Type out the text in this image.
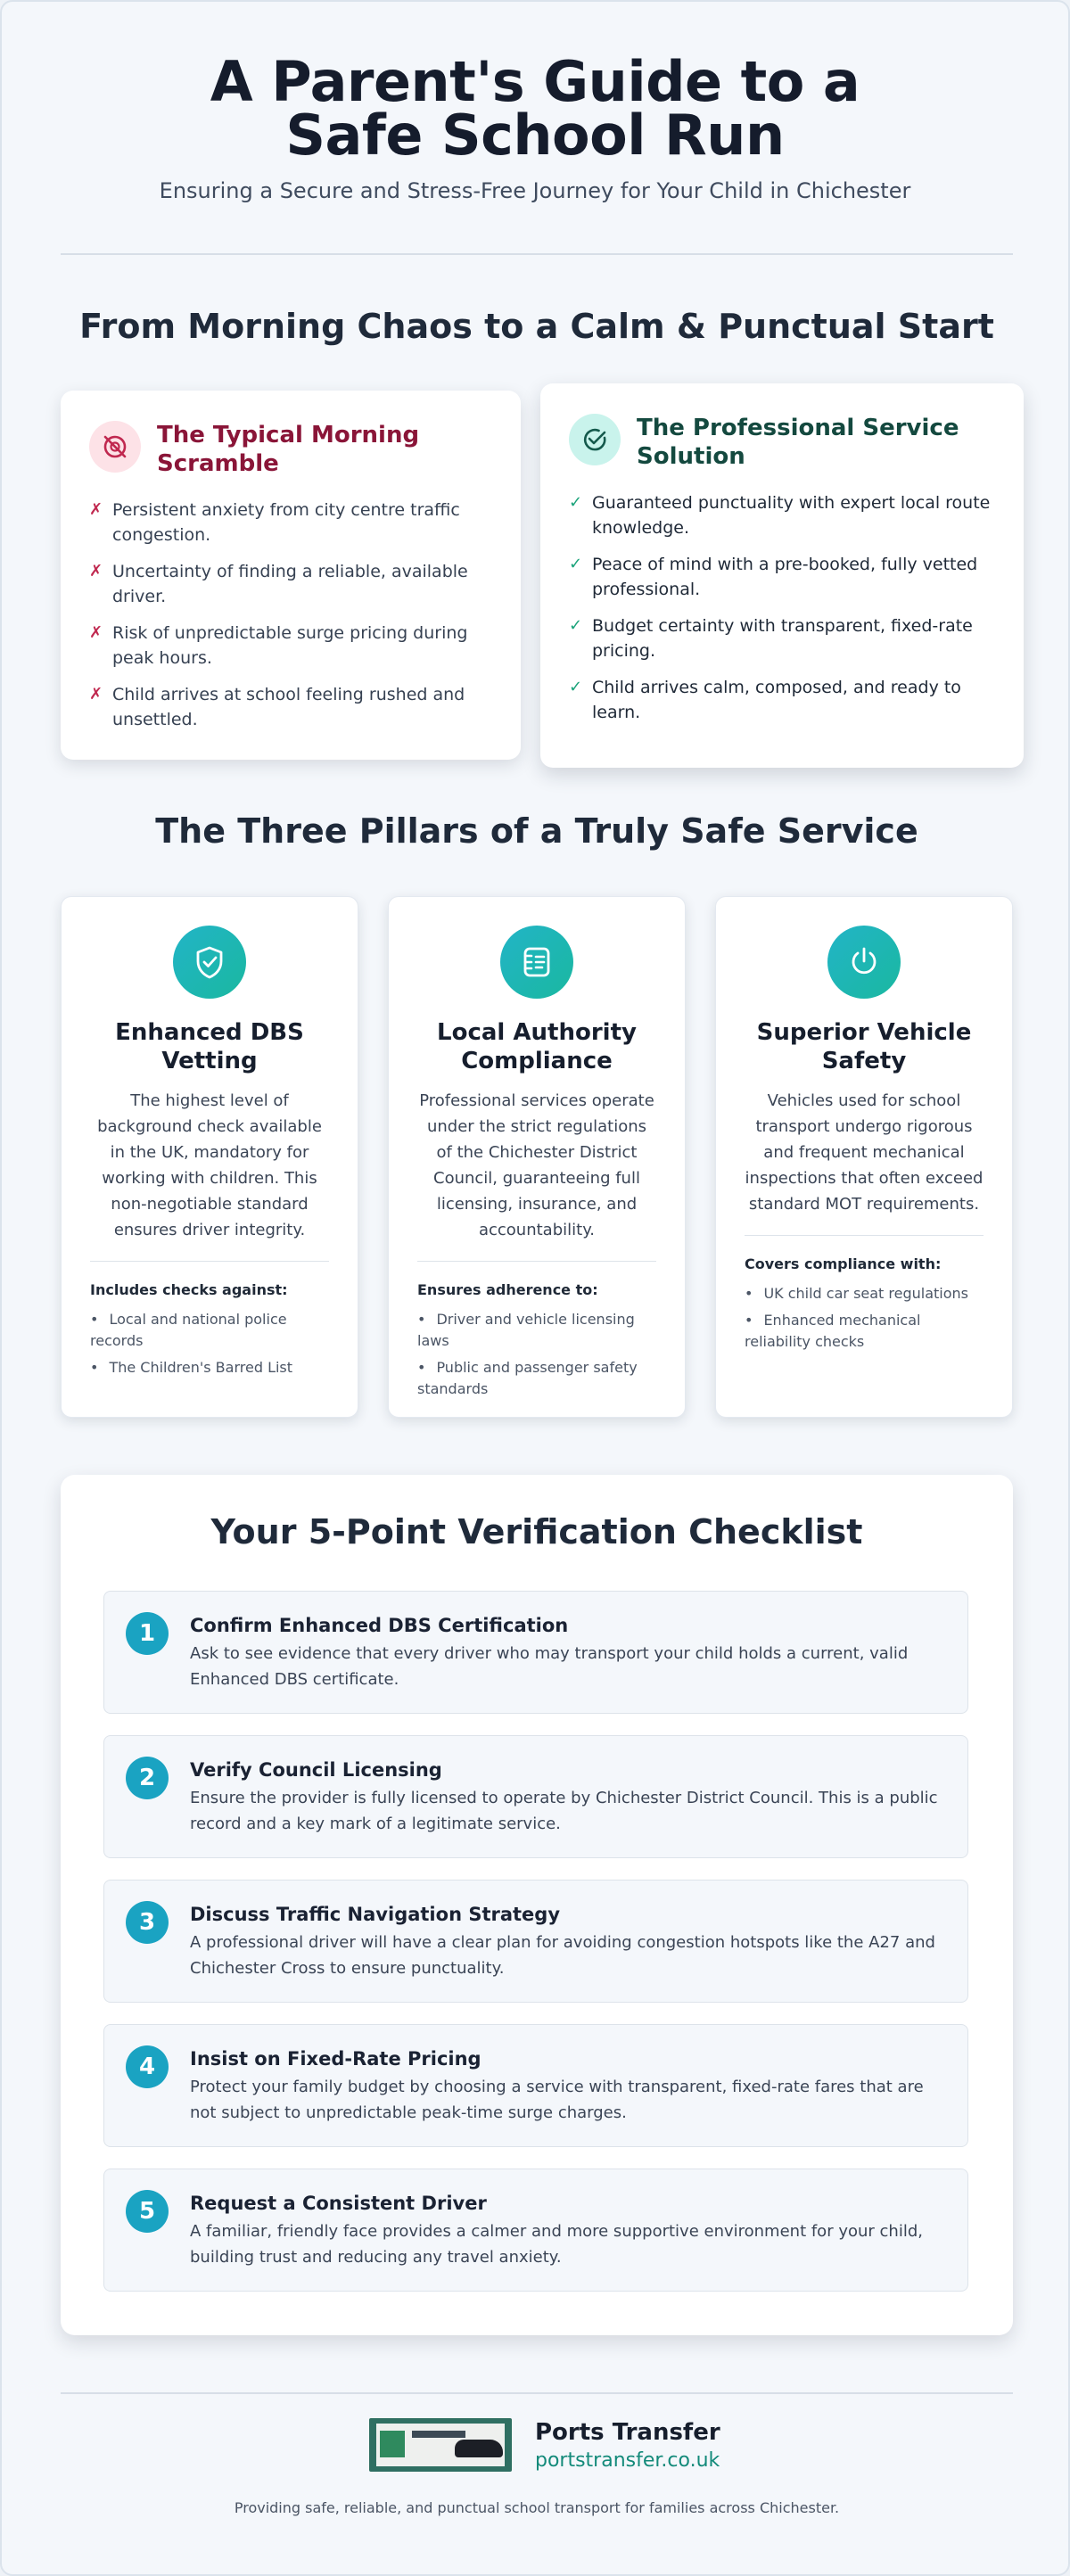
A Parent's Guide to a Safe School Run
Ensuring a Secure and Stress-Free Journey for Your Child in Chichester
From Morning Chaos to a Calm & Punctual Start
The Typical Morning Scramble
✗ Persistent anxiety from city centre traffic congestion.
✗ Uncertainty of finding a reliable, available driver.
✗ Risk of unpredictable surge pricing during peak hours.
✗ Child arrives at school feeling rushed and unsettled.
The Professional Service Solution
✓ Guaranteed punctuality with expert local route knowledge.
✓ Peace of mind with a pre-booked, fully vetted professional.
✓ Budget certainty with transparent, fixed-rate pricing.
✓ Child arrives calm, composed, and ready to learn.
The Three Pillars of a Truly Safe Service
Enhanced DBS Vetting
The highest level of background check available in the UK, mandatory for working with children. This non-negotiable standard ensures driver integrity.
Includes checks against:
• Local and national police records
• The Children's Barred List
Local Authority Compliance
Professional services operate under the strict regulations of the Chichester District Council, guaranteeing full licensing, insurance, and accountability.
Ensures adherence to:
• Driver and vehicle licensing laws
• Public and passenger safety standards
Superior Vehicle Safety
Vehicles used for school transport undergo rigorous and frequent mechanical inspections that often exceed standard MOT requirements.
Covers compliance with:
• UK child car seat regulations
• Enhanced mechanical reliability checks
Your 5-Point Verification Checklist
1	Confirm Enhanced DBS Certification
Ask to see evidence that every driver who may transport your child holds a current, valid Enhanced DBS certificate.
2	Verify Council Licensing
Ensure the provider is fully licensed to operate by Chichester District Council. This is a public record and a key mark of a legitimate service.
3	Discuss Traffic Navigation Strategy
A professional driver will have a clear plan for avoiding congestion hotspots like the A27 and Chichester Cross to ensure punctuality.
4	Insist on Fixed-Rate Pricing
Protect your family budget by choosing a service with transparent, fixed-rate fares that are not subject to unpredictable peak-time surge charges.
5	Request a Consistent Driver
A familiar, friendly face provides a calmer and more supportive environment for your child, building trust and reducing any travel anxiety.
Ports Transfer
portstransfer.co.uk
Providing safe, reliable, and punctual school transport for families across Chichester.
